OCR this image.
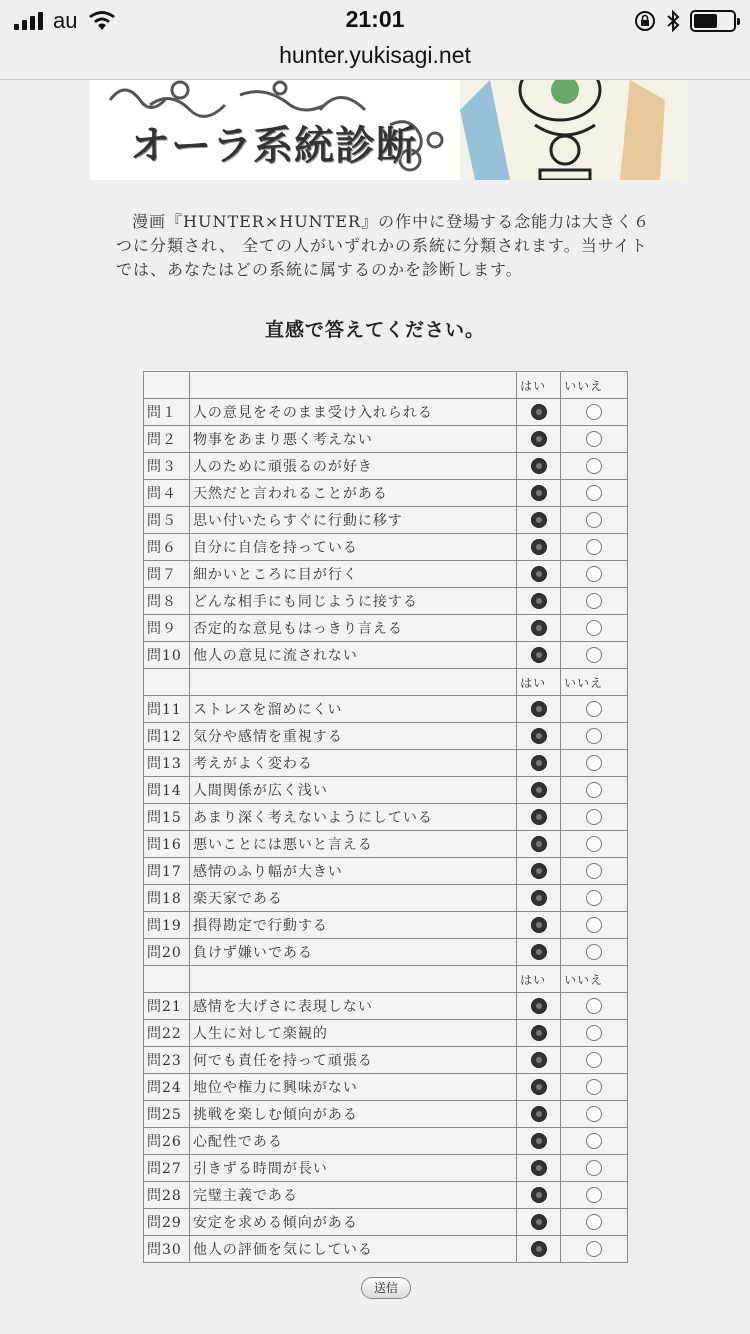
au	21:01
hunter.yukisagi.net
オーラ系統診断
漫画『HUNTER×HUNTER』の作中に登場する念能力は大きく６つに分類され、 全ての人がいずれかの系統に分類されます。当サイトでは、あなたはどの系統に属するのかを診断します。
直感で答えてください。
		はい	いいえ
問１	人の意見をそのまま受け入れられる		
問２	物事をあまり悪く考えない		
問３	人のために頑張るのが好き		
問４	天然だと言われることがある		
問５	思い付いたらすぐに行動に移す		
問６	自分に自信を持っている		
問７	細かいところに目が行く		
問８	どんな相手にも同じように接する		
問９	否定的な意見もはっきり言える		
問10	他人の意見に流されない		
		はい	いいえ
問11	ストレスを溜めにくい		
問12	気分や感情を重視する		
問13	考えがよく変わる		
問14	人間関係が広く浅い		
問15	あまり深く考えないようにしている		
問16	悪いことには悪いと言える		
問17	感情のふり幅が大きい		
問18	楽天家である		
問19	損得勘定で行動する		
問20	負けず嫌いである		
		はい	いいえ
問21	感情を大げさに表現しない		
問22	人生に対して楽観的		
問23	何でも責任を持って頑張る		
問24	地位や権力に興味がない		
問25	挑戦を楽しむ傾向がある		
問26	心配性である		
問27	引きずる時間が長い		
問28	完璧主義である		
問29	安定を求める傾向がある		
問30	他人の評価を気にしている		
送信
